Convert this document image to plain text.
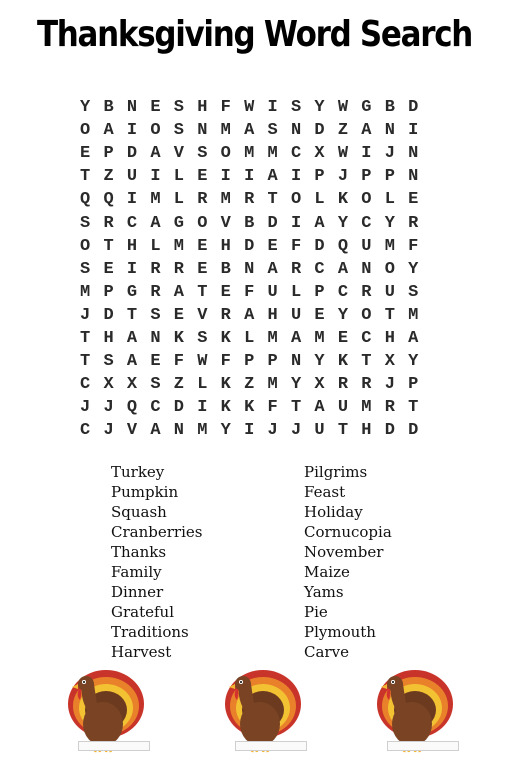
Thanksgiving Word Search
Y B N E S H F W I S Y W G B D
O A I O S N M A S N D Z A N I
E P D A V S O M M C X W I J N
T Z U I L E I I A I P J P P N
Q Q I M L R M R T O L K O L E
S R C A G O V B D I A Y C Y R
O T H L M E H D E F D Q U M F
S E I R R E B N A R C A N O Y
M P G R A T E F U L P C R U S
J D T S E V R A H U E Y O T M
T H A N K S K L M A M E C H A
T S A E F W F P P N Y K T X Y
C X X S Z L K Z M Y X R R J P
J J Q C D I K K F T A U M R T
C J V A N M Y I J J U T H D D
Turkey
Pumpkin
Squash
Cranberries
Thanks
Family
Dinner
Grateful
Traditions
Harvest
Pilgrims
Feast
Holiday
Cornucopia
November
Maize
Yams
Pie
Plymouth
Carve
